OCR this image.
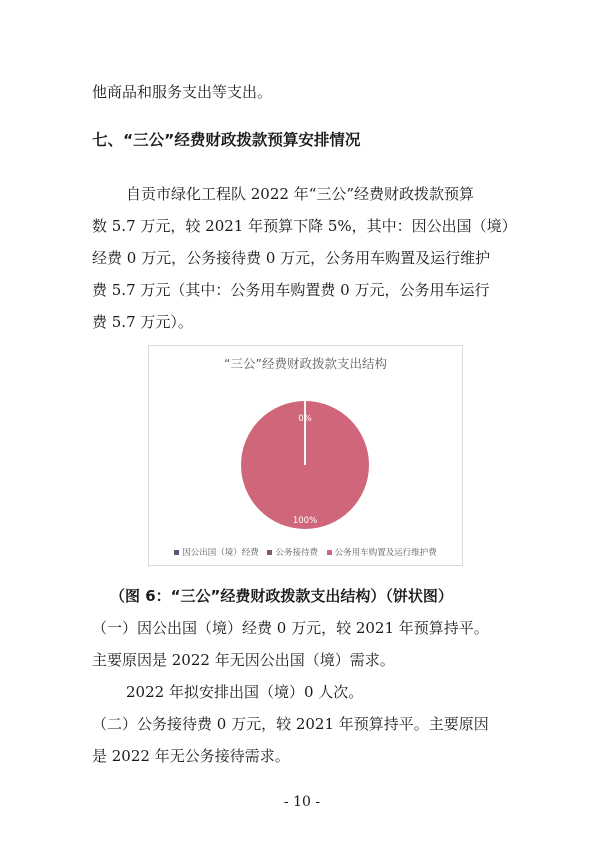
他商品和服务支出等支出。
七、“三公”经费财政拨款预算安排情况
自贡市绿化工程队 2022 年“三公”经费财政拨款预算
数 5.7 万元，较 2021 年预算下降 5%，其中：因公出国（境）
经费 0 万元，公务接待费 0 万元，公务用车购置及运行维护
费 5.7 万元（其中：公务用车购置费 0 万元，公务用车运行
费 5.7 万元）。
“三公”经费财政拨款支出结构
0%
100%
因公出国（境）经费 公务接待费 公务用车购置及运行维护费
（图 6：“三公”经费财政拨款支出结构）（饼状图）
（一）因公出国（境）经费 0 万元，较 2021 年预算持平。
主要原因是 2022 年无因公出国（境）需求。
2022 年拟安排出国（境）0 人次。
（二）公务接待费 0 万元，较 2021 年预算持平。主要原因
是 2022 年无公务接待需求。
- 10 -
